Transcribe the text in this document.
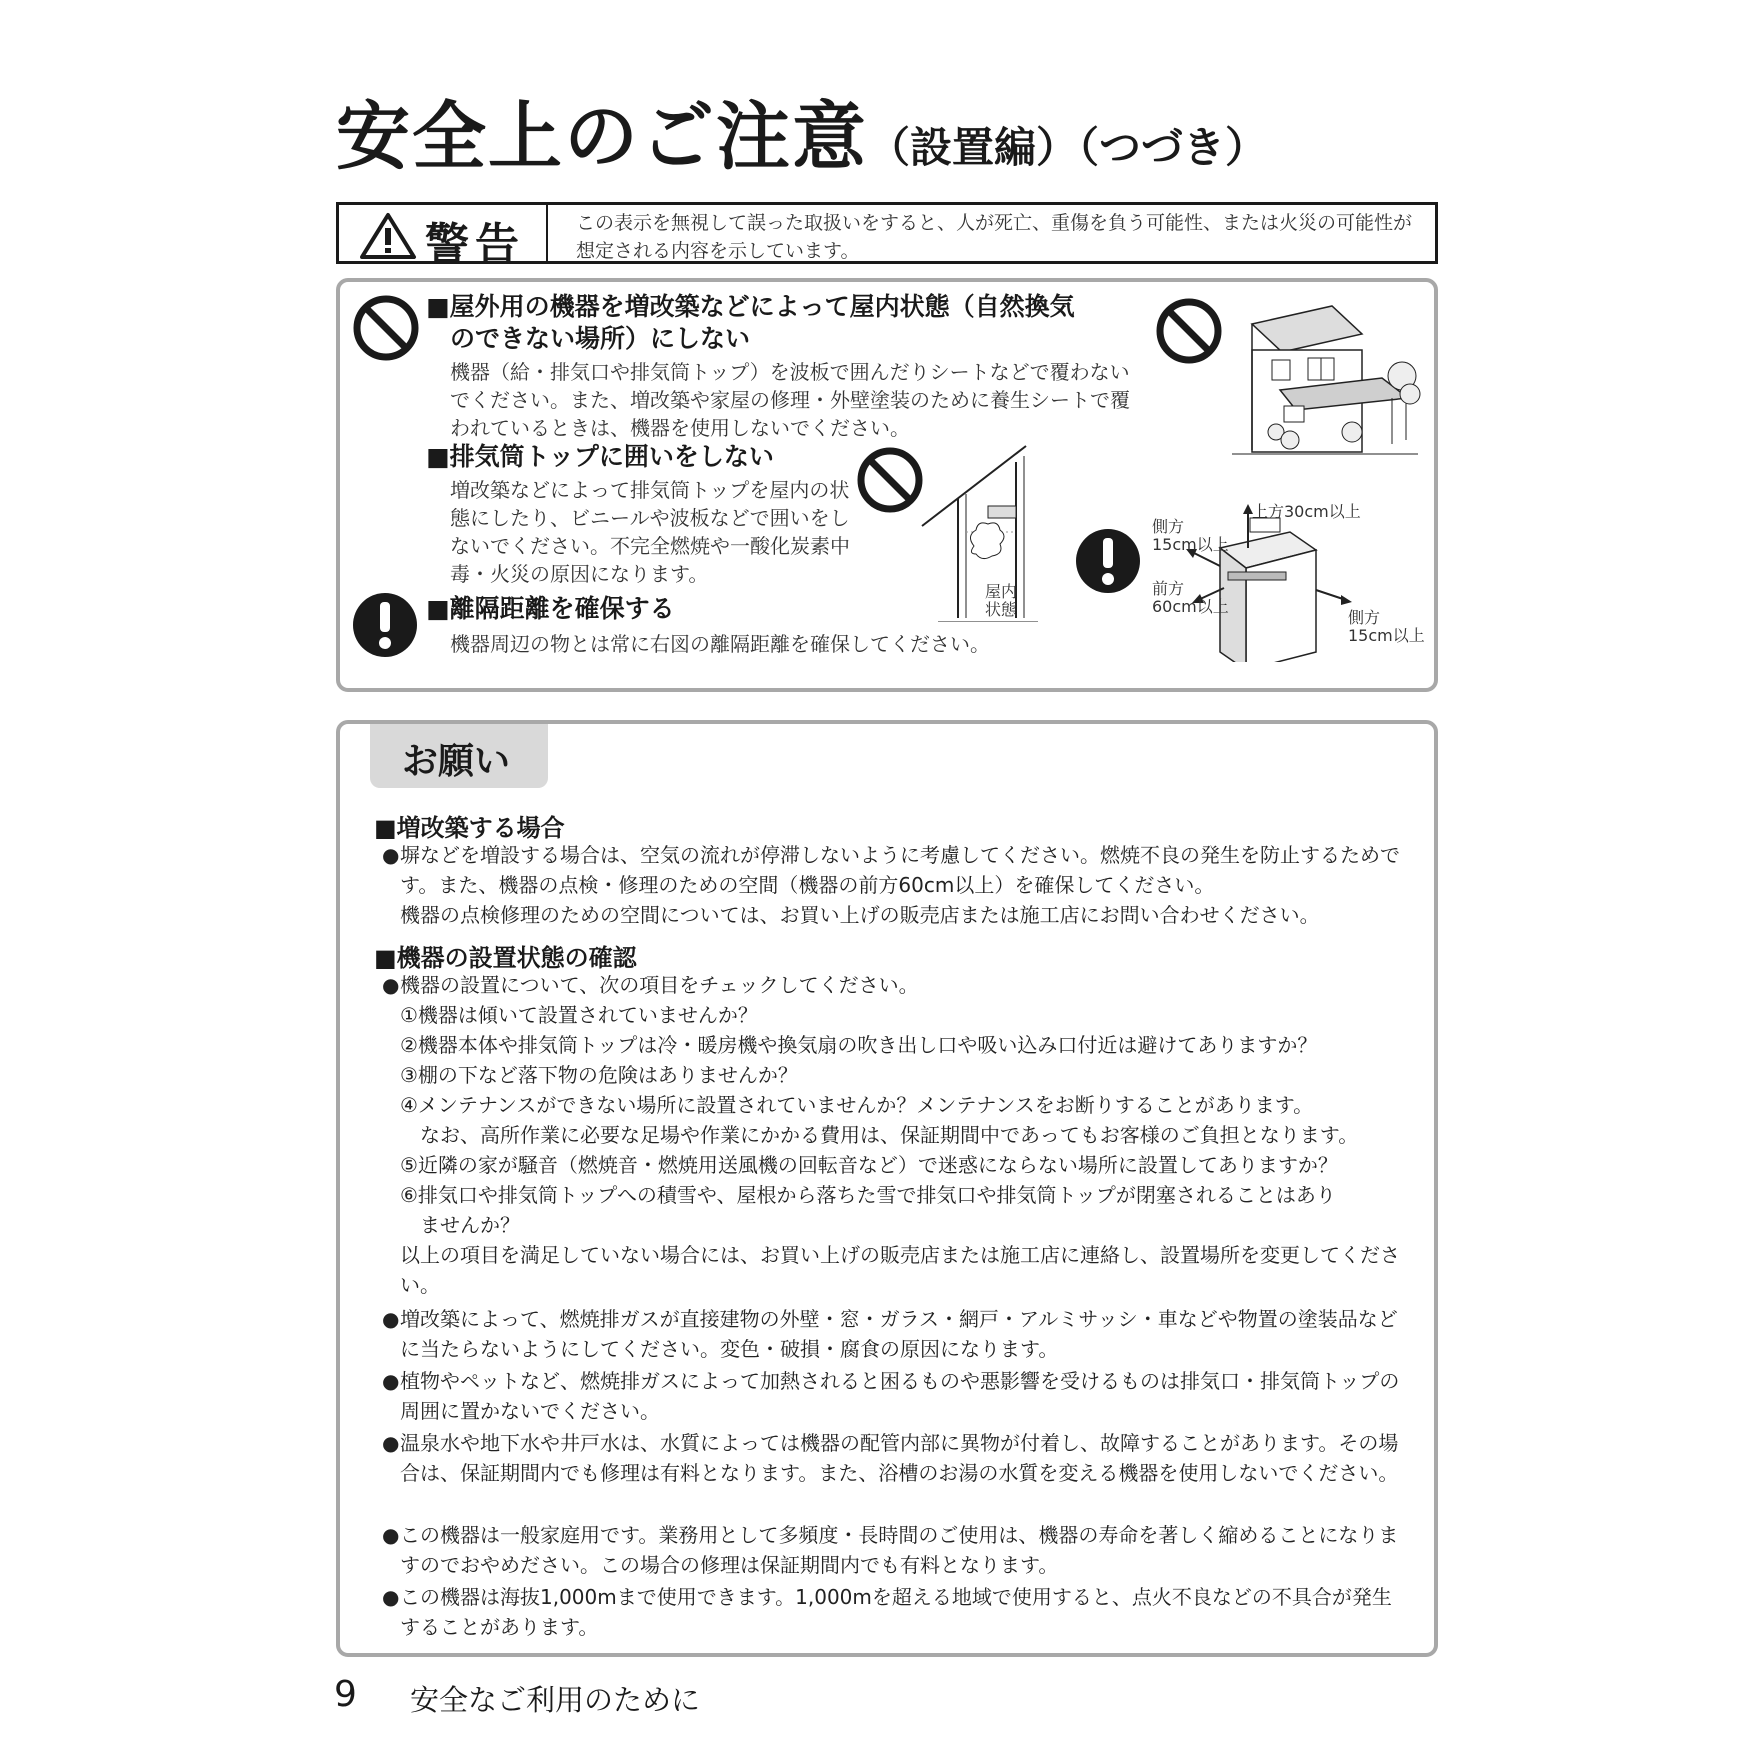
安全上のご注意（設置編）（つづき）
警告	この表示を無視して誤った取扱いをすると、人が死亡、重傷を負う可能性、または火災の可能性が想定される内容を示しています。
■屋外用の機器を増改築などによって屋内状態（自然換気
のできない場所）にしない
機器（給・排気口や排気筒トップ）を波板で囲んだりシートなどで覆わないでください。また、増改築や家屋の修理・外壁塗装のために養生シートで覆われているときは、機器を使用しないでください。
■排気筒トップに囲いをしない
増改築などによって排気筒トップを屋内の状態にしたり、ビニールや波板などで囲いをしないでください。不完全燃焼や一酸化炭素中毒・火災の原因になります。
屋内
状態
■離隔距離を確保する
機器周辺の物とは常に右図の離隔距離を確保してください。
上方30cm以上
側方
15cm以上
前方
60cm以上
側方
15cm以上
お願い
■増改築する場合
● 塀などを増設する場合は、空気の流れが停滞しないように考慮してください。燃焼不良の発生を防止するためです。また、機器の点検・修理のための空間（機器の前方60cm以上）を確保してください。
機器の点検修理のための空間については、お買い上げの販売店または施工店にお問い合わせください。
■機器の設置状態の確認
● 機器の設置について、次の項目をチェックしてください。
①機器は傾いて設置されていませんか？
②機器本体や排気筒トップは冷・暖房機や換気扇の吹き出し口や吸い込み口付近は避けてありますか？
③棚の下など落下物の危険はありませんか？
④メンテナンスができない場所に設置されていませんか？メンテナンスをお断りすることがあります。
　なお、高所作業に必要な足場や作業にかかる費用は、保証期間中であってもお客様のご負担となります。
⑤近隣の家が騒音（燃焼音・燃焼用送風機の回転音など）で迷惑にならない場所に設置してありますか？
⑥排気口や排気筒トップへの積雪や、屋根から落ちた雪で排気口や排気筒トップが閉塞されることはあり
　ませんか？
以上の項目を満足していない場合には、お買い上げの販売店または施工店に連絡し、設置場所を変更してください。
● 増改築によって、燃焼排ガスが直接建物の外壁・窓・ガラス・網戸・アルミサッシ・車などや物置の塗装品などに当たらないようにしてください。変色・破損・腐食の原因になります。
● 植物やペットなど、燃焼排ガスによって加熱されると困るものや悪影響を受けるものは排気口・排気筒トップの周囲に置かないでください。
● 温泉水や地下水や井戸水は、水質によっては機器の配管内部に異物が付着し、故障することがあります。その場合は、保証期間内でも修理は有料となります。また、浴槽のお湯の水質を変える機器を使用しないでください。
● この機器は一般家庭用です。業務用として多頻度・長時間のご使用は、機器の寿命を著しく縮めることになりますのでおやめださい。この場合の修理は保証期間内でも有料となります。
● この機器は海抜1,000mまで使用できます。1,000mを超える地域で使用すると、点火不良などの不具合が発生することがあります。
9 安全なご利用のために
